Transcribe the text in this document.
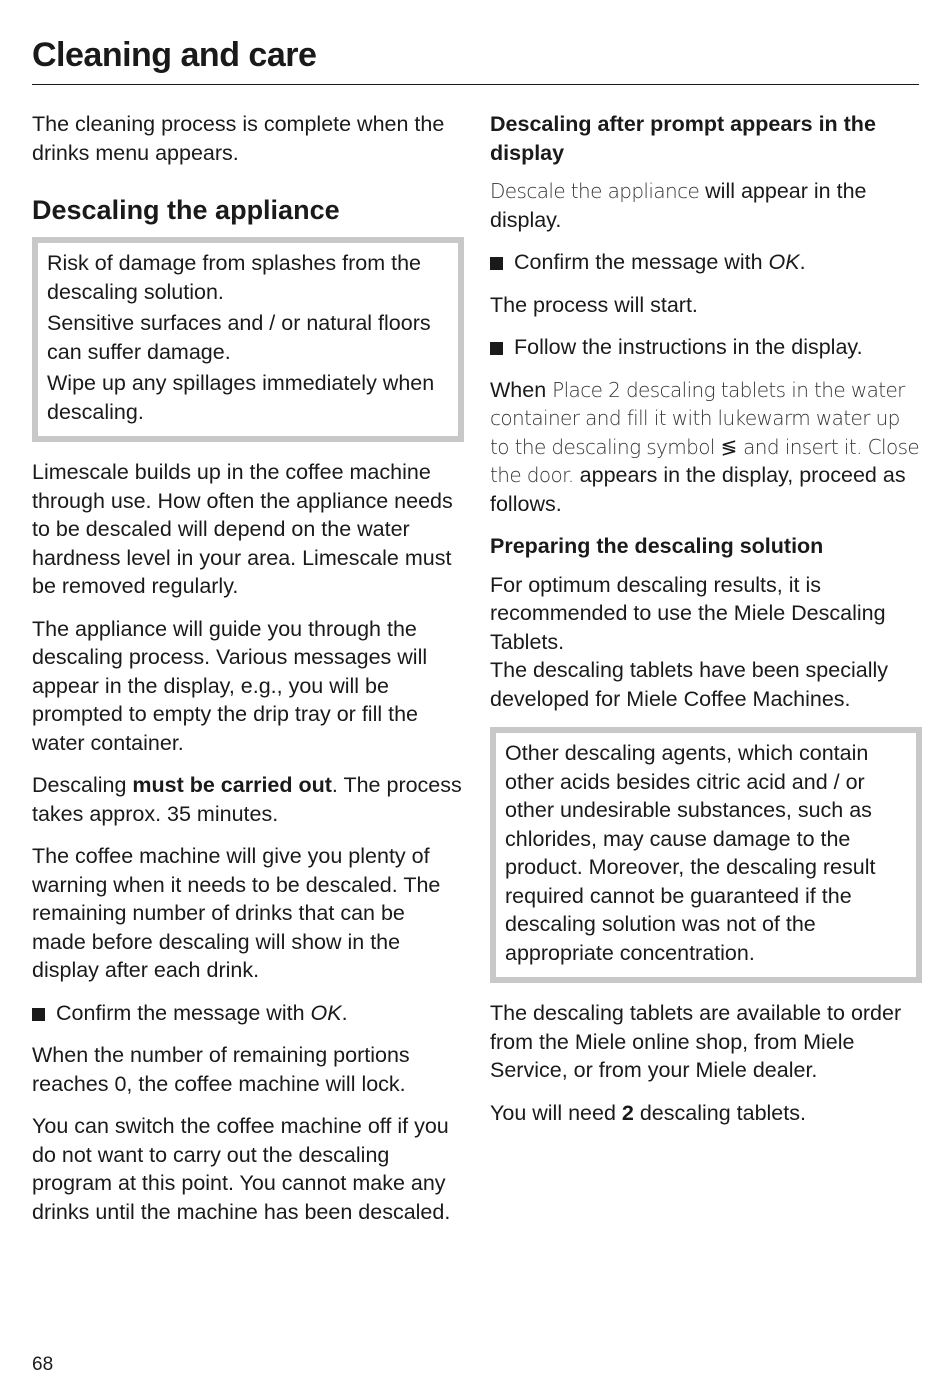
Cleaning and care

The cleaning process is complete when the drinks menu appears.

Descaling the appliance

Risk of damage from splashes from the descaling solution.

Sensitive surfaces and / or natural floors can suffer damage.

Wipe up any spillages immediately when descaling.

Limescale builds up in the coffee machine through use. How often the appliance needs to be descaled will depend on the water hardness level in your area. Limescale must be removed regularly.

The appliance will guide you through the descaling process. Various messages will appear in the display, e.g., you will be prompted to empty the drip tray or fill the water container.

Descaling must be carried out. The process takes approx. 35 minutes.

The coffee machine will give you plenty of warning when it needs to be descaled. The remaining number of drinks that can be made before descaling will show in the display after each drink.

Confirm the message with OK.

When the number of remaining portions reaches 0, the coffee machine will lock.

You can switch the coffee machine off if you do not want to carry out the descaling program at this point. You cannot make any drinks until the machine has been descaled.

Descaling after prompt appears in the display

Descale the appliance will appear in the display.

Confirm the message with OK.

The process will start.

Follow the instructions in the display.

When Place 2 descaling tablets in the water container and fill it with lukewarm water up to the descaling symbol ≶ and insert it. Close the door. appears in the display, proceed as follows.

Preparing the descaling solution

For optimum descaling results, it is recommended to use the Miele Descaling Tablets.

The descaling tablets have been specially developed for Miele Coffee Machines.

Other descaling agents, which contain other acids besides citric acid and / or other undesirable substances, such as chlorides, may cause damage to the product. Moreover, the descaling result required cannot be guaranteed if the descaling solution was not of the appropriate concentration.

The descaling tablets are available to order from the Miele online shop, from Miele Service, or from your Miele dealer.

You will need 2 descaling tablets.

68
